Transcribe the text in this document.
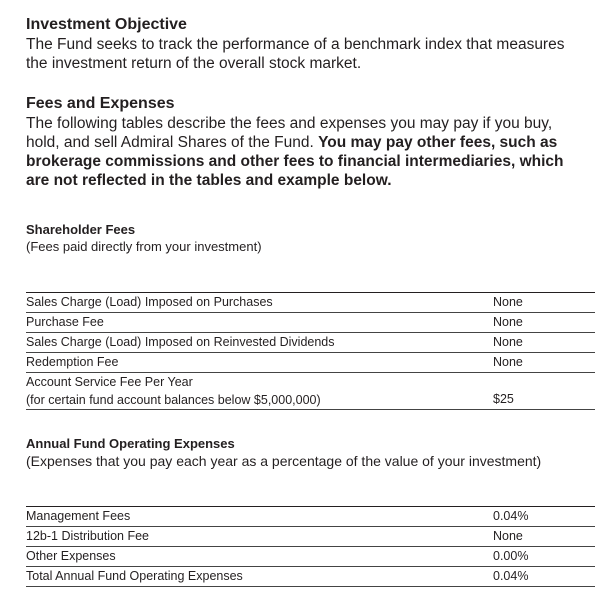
Investment Objective
The Fund seeks to track the performance of a benchmark index that measures
the investment return of the overall stock market.
Fees and Expenses
The following tables describe the fees and expenses you may pay if you buy,
hold, and sell Admiral Shares of the Fund. You may pay other fees, such as
brokerage commissions and other fees to financial intermediaries, which
are not reflected in the tables and example below.
Shareholder Fees
(Fees paid directly from your investment)
Sales Charge (Load) Imposed on Purchases	None
Purchase Fee	None
Sales Charge (Load) Imposed on Reinvested Dividends	None
Redemption Fee	None
Account Service Fee Per Year
(for certain fund account balances below $5,000,000)	$25
Annual Fund Operating Expenses
(Expenses that you pay each year as a percentage of the value of your investment)
Management Fees	0.04%
12b-1 Distribution Fee	None
Other Expenses	0.00%
Total Annual Fund Operating Expenses	0.04%
